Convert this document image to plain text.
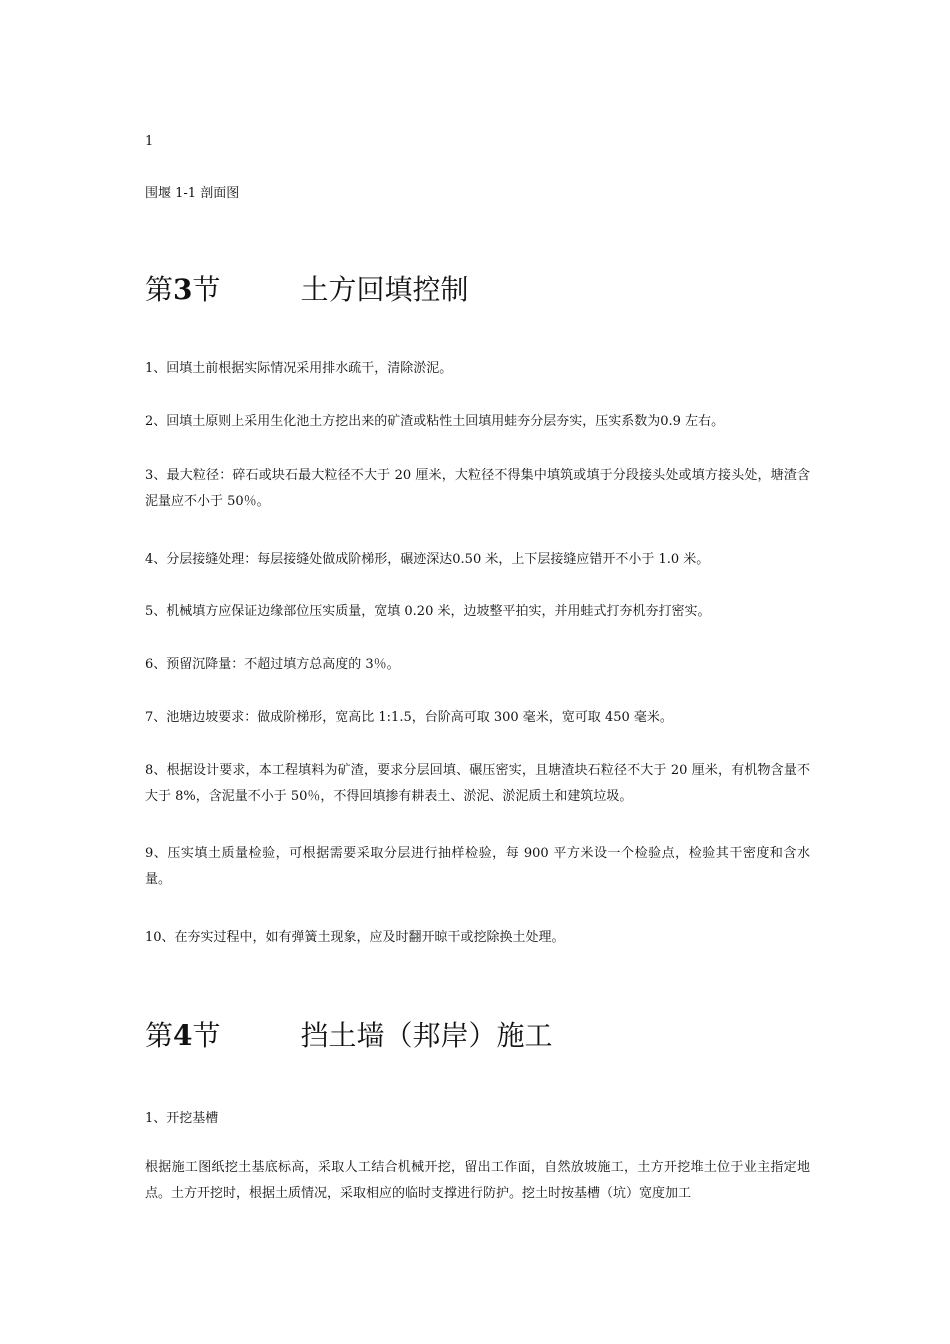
1
围堰 1-1 剖面图
第3节	土方回填控制
1、回填土前根据实际情况采用排水疏干，清除淤泥。
2、回填土原则上采用生化池土方挖出来的矿渣或粘性土回填用蛙夯分层夯实，压实系数为0.9 左右。
3、最大粒径：碎石或块石最大粒径不大于 20 厘米，大粒径不得集中填筑或填于分段接头处或填方接头处，塘渣含泥量应不小于 50％。
4、分层接缝处理：每层接缝处做成阶梯形，碾迹深达0.50 米，上下层接缝应错开不小于 1.0 米。
5、机械填方应保证边缘部位压实质量，宽填 0.20 米，边坡整平拍实，并用蛙式打夯机夯打密实。
6、预留沉降量：不超过填方总高度的 3％。
7、池塘边坡要求：做成阶梯形，宽高比 1:1.5，台阶高可取 300 毫米，宽可取 450 毫米。
8、根据设计要求，本工程填料为矿渣，要求分层回填、碾压密实，且塘渣块石粒径不大于 20 厘米，有机物含量不大于 8%，含泥量不小于 50％，不得回填掺有耕表土、淤泥、淤泥质土和建筑垃圾。
9、压实填土质量检验，可根据需要采取分层进行抽样检验，每 900 平方米设一个检验点，检验其干密度和含水量。
10、在夯实过程中，如有弹簧土现象，应及时翻开晾干或挖除换土处理。
第4节	挡土墙（邦岸）施工
1、开挖基槽
根据施工图纸挖土基底标高，采取人工结合机械开挖，留出工作面，自然放坡施工，土方开挖堆土位于业主指定地点。土方开挖时，根据土质情况，采取相应的临时支撑进行防护。挖土时按基槽（坑）宽度加工
